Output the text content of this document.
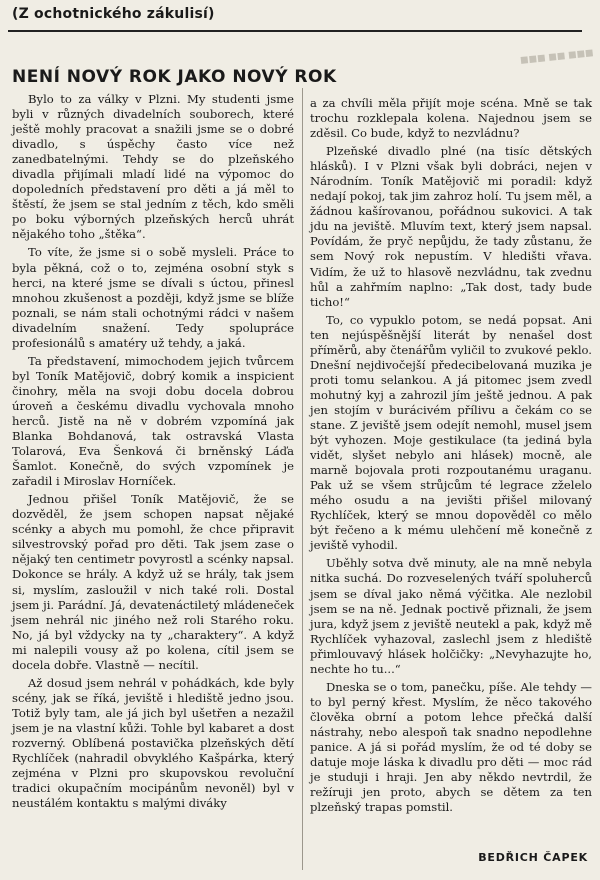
(Z ochotnického zákulisí)
■■■ ■■ ■■■
NENÍ NOVÝ ROK JAKO NOVÝ ROK

Bylo to za války v Plzni. My studenti jsme byli v různých divadelních souborech, které ještě mohly pracovat a snažili jsme se o dobré divadlo, s úspěchy často více než zanedbatelnými. Tehdy se do plzeňského divadla přijímali mladí lidé na výpomoc do dopoledních představení pro děti a já měl to štěstí, že jsem se stal jedním z těch, kdo směli po boku výborných plzeňských herců uhrát nějakého toho „štěka“.

To víte, že jsme si o sobě mysleli. Práce to byla pěkná, což o to, zejména osobní styk s herci, na které jsme se dívali s úctou, přinesl mnohou zkušenost a později, když jsme se blíže poznali, se nám stali ochotnými rádci v našem divadelním snažení. Tedy spolupráce profesionálů s amatéry už tehdy, a jaká.

Ta představení, mimochodem jejich tvůrcem byl Toník Matějovič, dobrý komik a inspicient činohry, měla na svoji dobu docela dobrou úroveň a českému divadlu vychovala mnoho herců. Jistě na ně v dobrém vzpomíná jak Blanka Bohdanová, tak ostravská Vlasta Tolarová, Eva Šenková či brněnský Láďa Šamlot. Konečně, do svých vzpomínek je zařadil i Miroslav Horníček.

Jednou přišel Toník Matějovič, že se dozvěděl, že jsem schopen napsat nějaké scénky a abych mu pomohl, že chce připravit silvestrovský pořad pro děti. Tak jsem zase o nějaký ten centimetr povyrostl a scénky napsal. Dokonce se hrály. A když už se hrály, tak jsem si, myslím, zasloužil v nich také roli. Dostal jsem ji. Parádní. Já, devatenáctiletý mládeneček jsem nehrál nic jiného než roli Starého roku. No, já byl vždycky na ty „charaktery“. A když mi nalepili vousy až po kolena, cítil jsem se docela dobře. Vlastně — necítil.

Až dosud jsem nehrál v pohádkách, kde byly scény, jak se říká, jeviště i hlediště jedno jsou. Totiž byly tam, ale já jich byl ušetřen a nezažil jsem je na vlastní kůži. Tohle byl kabaret a dost rozverný. Oblíbená postavička plzeňských dětí Rychlíček (nahradil obvyklého Kašpárka, který zejména v Plzni pro skupovskou revoluční tradici okupačním mocipánům nevoněl) byl v neustálém kontaktu s malými diváky

a za chvíli měla přijít moje scéna. Mně se tak trochu rozklepala kolena. Najednou jsem se zděsil. Co bude, když to nezvládnu?

Plzeňské divadlo plné (na tisíc dětských hlásků). I v Plzni však byli dobráci, nejen v Národním. Toník Matějovič mi poradil: když nedají pokoj, tak jim zahroz holí. Tu jsem měl, a žádnou kašírovanou, pořádnou sukovici. A tak jdu na jeviště. Mluvím text, který jsem napsal. Povídám, že pryč nepůjdu, že tady zůstanu, že sem Nový rok nepustím. V hledišti vřava. Vidím, že už to hlasově nezvládnu, tak zvednu hůl a zahřmím naplno: „Tak dost, tady bude ticho!“

To, co vypuklo potom, se nedá popsat. Ani ten nejúspěšnější literát by nenašel dost příměrů, aby čtenářům vyličil to zvukové peklo. Dnešní nejdivočejší předecibelovaná muzika je proti tomu selankou. A já pitomec jsem zvedl mohutný kyj a zahrozil jím ještě jednou. A pak jen stojím v burácivém přílivu a čekám co se stane. Z jeviště jsem odejít nemohl, musel jsem být vyhozen. Moje gestikulace (ta jediná byla vidět, slyšet nebylo ani hlásek) mocně, ale marně bojovala proti rozpoutanému uraganu. Pak už se všem strůjcům té legrace zželelo mého osudu a na jevišti přišel milovaný Rychlíček, který se mnou dopověděl co mělo být řečeno a k mému ulehčení mě konečně z jeviště vyhodil.

Uběhly sotva dvě minuty, ale na mně nebyla nitka suchá. Do rozveselených tváří spoluherců jsem se díval jako němá výčitka. Ale nezlobil jsem se na ně. Jednak poctivě přiznali, že jsem jura, když jsem z jeviště neutekl a pak, když mě Rychlíček vyhazoval, zaslechl jsem z hlediště přimlouvavý hlásek holčičky: „Nevyhazujte ho, nechte ho tu...“

Dneska se o tom, panečku, píše. Ale tehdy — to byl perný křest. Myslím, že něco takového člověka obrní a potom lehce přečká další nástrahy, nebo alespoň tak snadno nepodlehne panice. A já si pořád myslím, že od té doby se datuje moje láska k divadlu pro děti — moc rád je studuji i hraji. Jen aby někdo nevtrdil, že režíruji jen proto, abych se dětem za ten plzeňský trapas pomstil.

BEDŘICH ČAPEK
